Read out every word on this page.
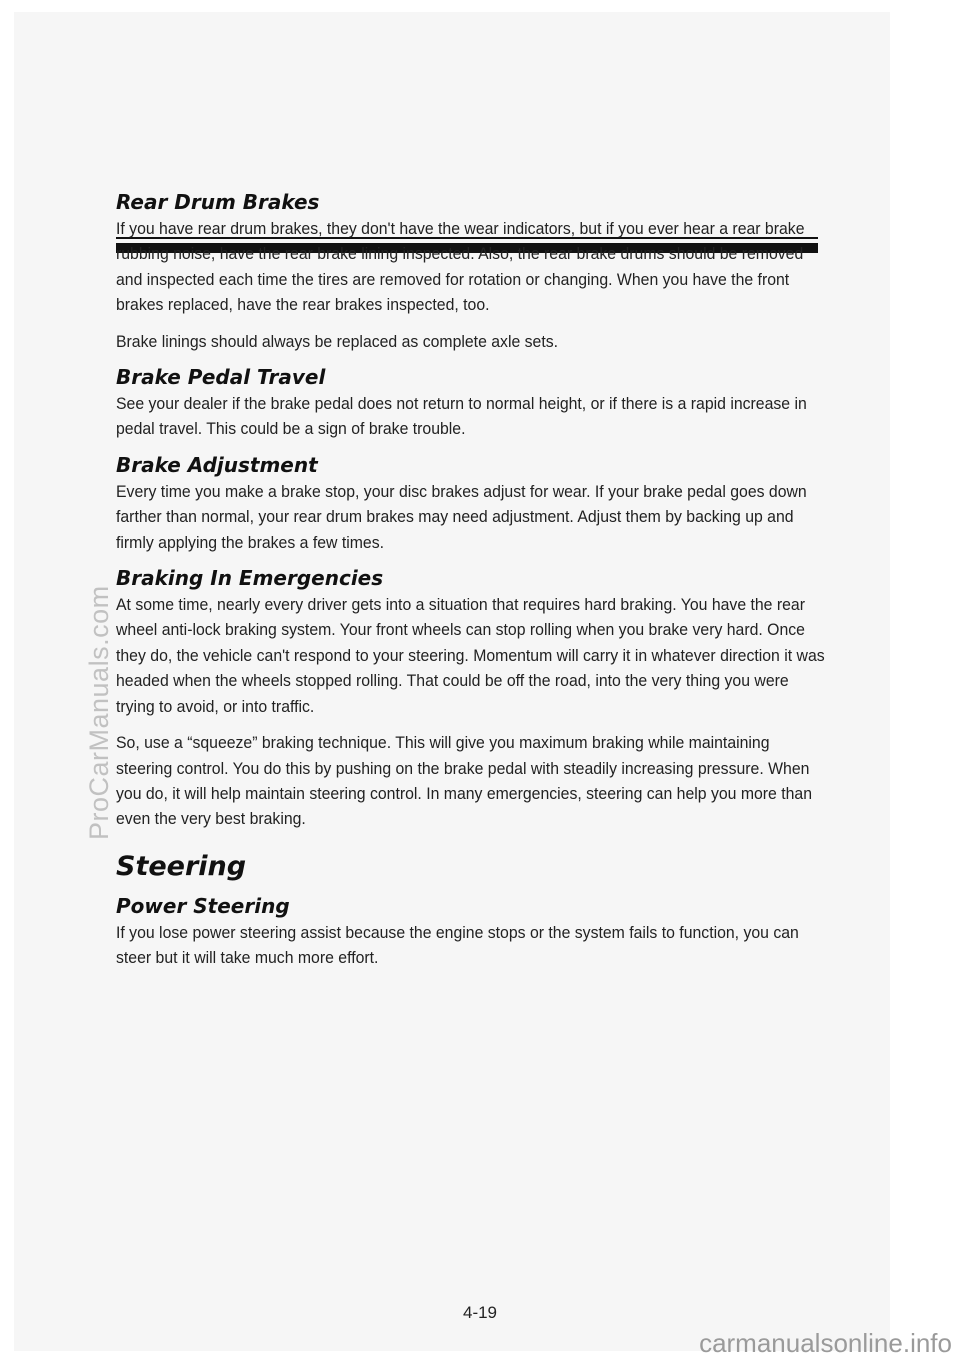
Rear Drum Brakes

If you have rear drum brakes, they don't have the wear indicators, but if you ever hear a rear brake rubbing noise, have the rear brake lining inspected. Also, the rear brake drums should be removed and inspected each time the tires are removed for rotation or changing. When you have the front brakes replaced, have the rear brakes inspected, too.

Brake linings should always be replaced as complete axle sets.

Brake Pedal Travel

See your dealer if the brake pedal does not return to normal height, or if there is a rapid increase in pedal travel. This could be a sign of brake trouble.

Brake Adjustment

Every time you make a brake stop, your disc brakes adjust for wear. If your brake pedal goes down farther than normal, your rear drum brakes may need adjustment. Adjust them by backing up and firmly applying the brakes a few times.

Braking In Emergencies

At some time, nearly every driver gets into a situation that requires hard braking. You have the rear wheel anti-lock braking system. Your front wheels can stop rolling when you brake very hard. Once they do, the vehicle can't respond to your steering. Momentum will carry it in whatever direction it was headed when the wheels stopped rolling. That could be off the road, into the very thing you were trying to avoid, or into traffic.

So, use a “squeeze” braking technique. This will give you maximum braking while maintaining steering control. You do this by pushing on the brake pedal with steadily increasing pressure. When you do, it will help maintain steering control. In many emergencies, steering can help you more than even the very best braking.

Steering
Power Steering

If you lose power steering assist because the engine stops or the system fails to function, you can steer but it will take much more effort.

4-19
ProCarManuals.com
carmanualsonline.info
